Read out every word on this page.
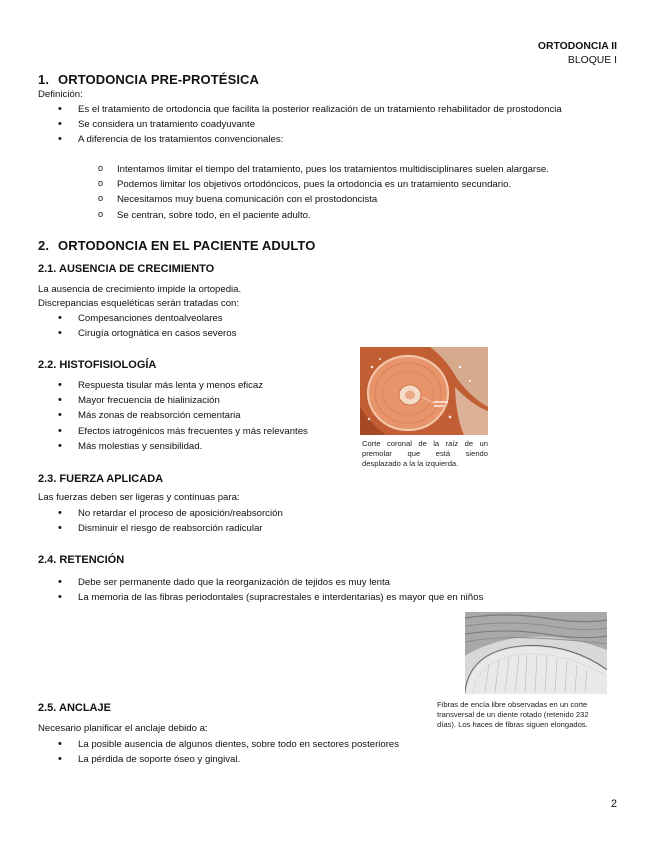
ORTODONCIA II
BLOQUE I
1. ORTODONCIA PRE-PROTÉSICA
Definición:
• Es el tratamiento de ortodoncia que facilita la posterior realización de un tratamiento rehabilitador de prostodoncia
• Se considera un tratamiento coadyuvante
• A diferencia de los tratamientos convencionales:
o Intentamos limitar el tiempo del tratamiento, pues los tratamientos multidisciplinares suelen alargarse.
o Podemos limitar los objetivos ortodóncicos, pues la ortodoncia es un tratamiento secundario.
o Necesitamos muy buena comunicación con el prostodoncista
o Se centran, sobre todo, en el paciente adulto.
2. ORTODONCIA EN EL PACIENTE ADULTO
2.1. AUSENCIA DE CRECIMIENTO
La ausencia de crecimiento impide la ortopedia.
Discrepancias esqueléticas serán tratadas con:
• Compesanciones dentoalveolares
• Cirugía ortognática en casos severos
2.2. HISTOFISIOLOGÍA
• Respuesta tisular más lenta y menos eficaz
• Mayor frecuencia de hialinización
• Más zonas de reabsorción cementaria
• Efectos iatrogénicos más frecuentes y más relevantes
• Más molestias y sensibilidad.	Corte coronal de la raíz de un premolar que está siendo desplazado a la la izquierda.
2.3. FUERZA APLICADA
Las fuerzas deben ser ligeras y continuas para:
• No retardar el proceso de aposición/reabsorción
• Disminuir el riesgo de reabsorción radicular
2.4. RETENCIÓN
• Debe ser permanente dado que la reorganización de tejidos es muy lenta
• La memoria de las fibras periodontales (supracrestales e interdentarias) es mayor que en niños
Fibras de encía libre observadas en un corte transversal de un diente rotado (retenido 232 días). Los haces de fibras siguen elongados.
2.5. ANCLAJE
Necesario planificar el anclaje debido a:
• La posible ausencia de algunos dientes, sobre todo en sectores posteriores
• La pérdida de soporte óseo y gingival.
2
